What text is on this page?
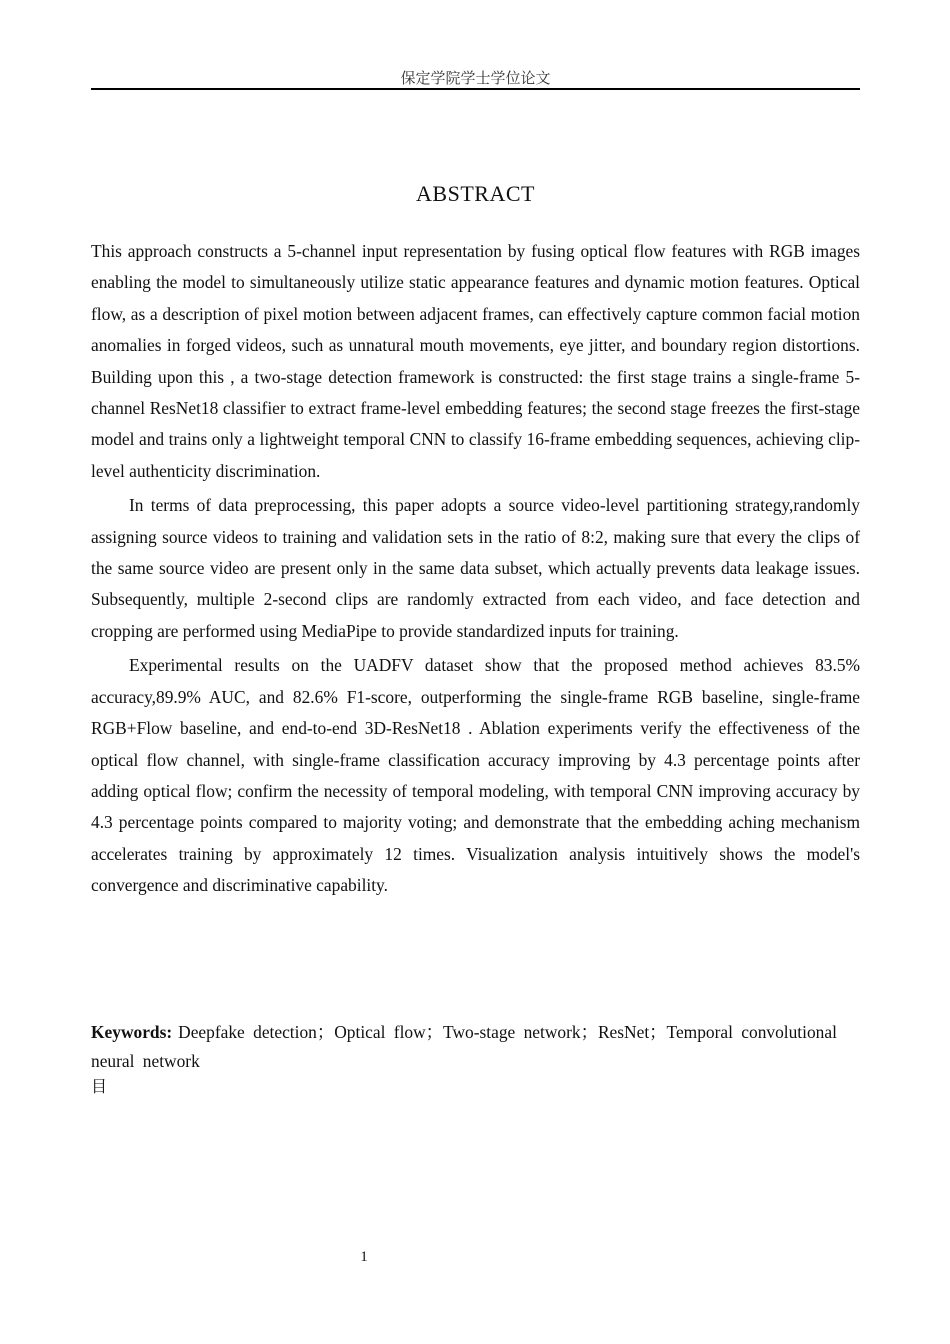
保定学院学士学位论文
ABSTRACT

This approach constructs a 5-channel input representation by fusing optical flow features with RGB images enabling the model to simultaneously utilize static appearance features and dynamic motion features. Optical flow, as a description of pixel motion between adjacent frames, can effectively capture common facial motion anomalies in forged videos, such as unnatural mouth movements, eye jitter, and boundary region distortions. Building upon this , a two-stage detection framework is constructed: the first stage trains a single-frame 5-channel ResNet18 classifier to extract frame-level embedding features; the second stage freezes the first-stage model and trains only a lightweight temporal CNN to classify 16-frame embedding sequences, achieving clip-level authenticity discrimination.

In terms of data preprocessing, this paper adopts a source video-level partitioning strategy,randomly assigning source videos to training and validation sets in the ratio of 8:2, making sure that every the clips of the same source video are present only in the same data subset, which actually prevents data leakage issues. Subsequently, multiple 2-second clips are randomly extracted from each video, and face detection and cropping are performed using MediaPipe to provide standardized inputs for training.

Experimental results on the UADFV dataset show that the proposed method achieves 83.5% accuracy,89.9% AUC, and 82.6% F1-score, outperforming the single-frame RGB baseline, single-frame RGB+Flow baseline, and end-to-end 3D-ResNet18 . Ablation experiments verify the effectiveness of the optical flow channel, with single-frame classification accuracy improving by 4.3 percentage points after adding optical flow; confirm the necessity of temporal modeling, with temporal CNN improving accuracy by 4.3 percentage points compared to majority voting; and demonstrate that the embedding aching mechanism accelerates training by approximately 12 times. Visualization analysis intuitively shows the model's convergence and discriminative capability.

Keywords: Deepfake detection；Optical flow；Two-stage network；ResNet；Temporal convolutional neural network
目
1
